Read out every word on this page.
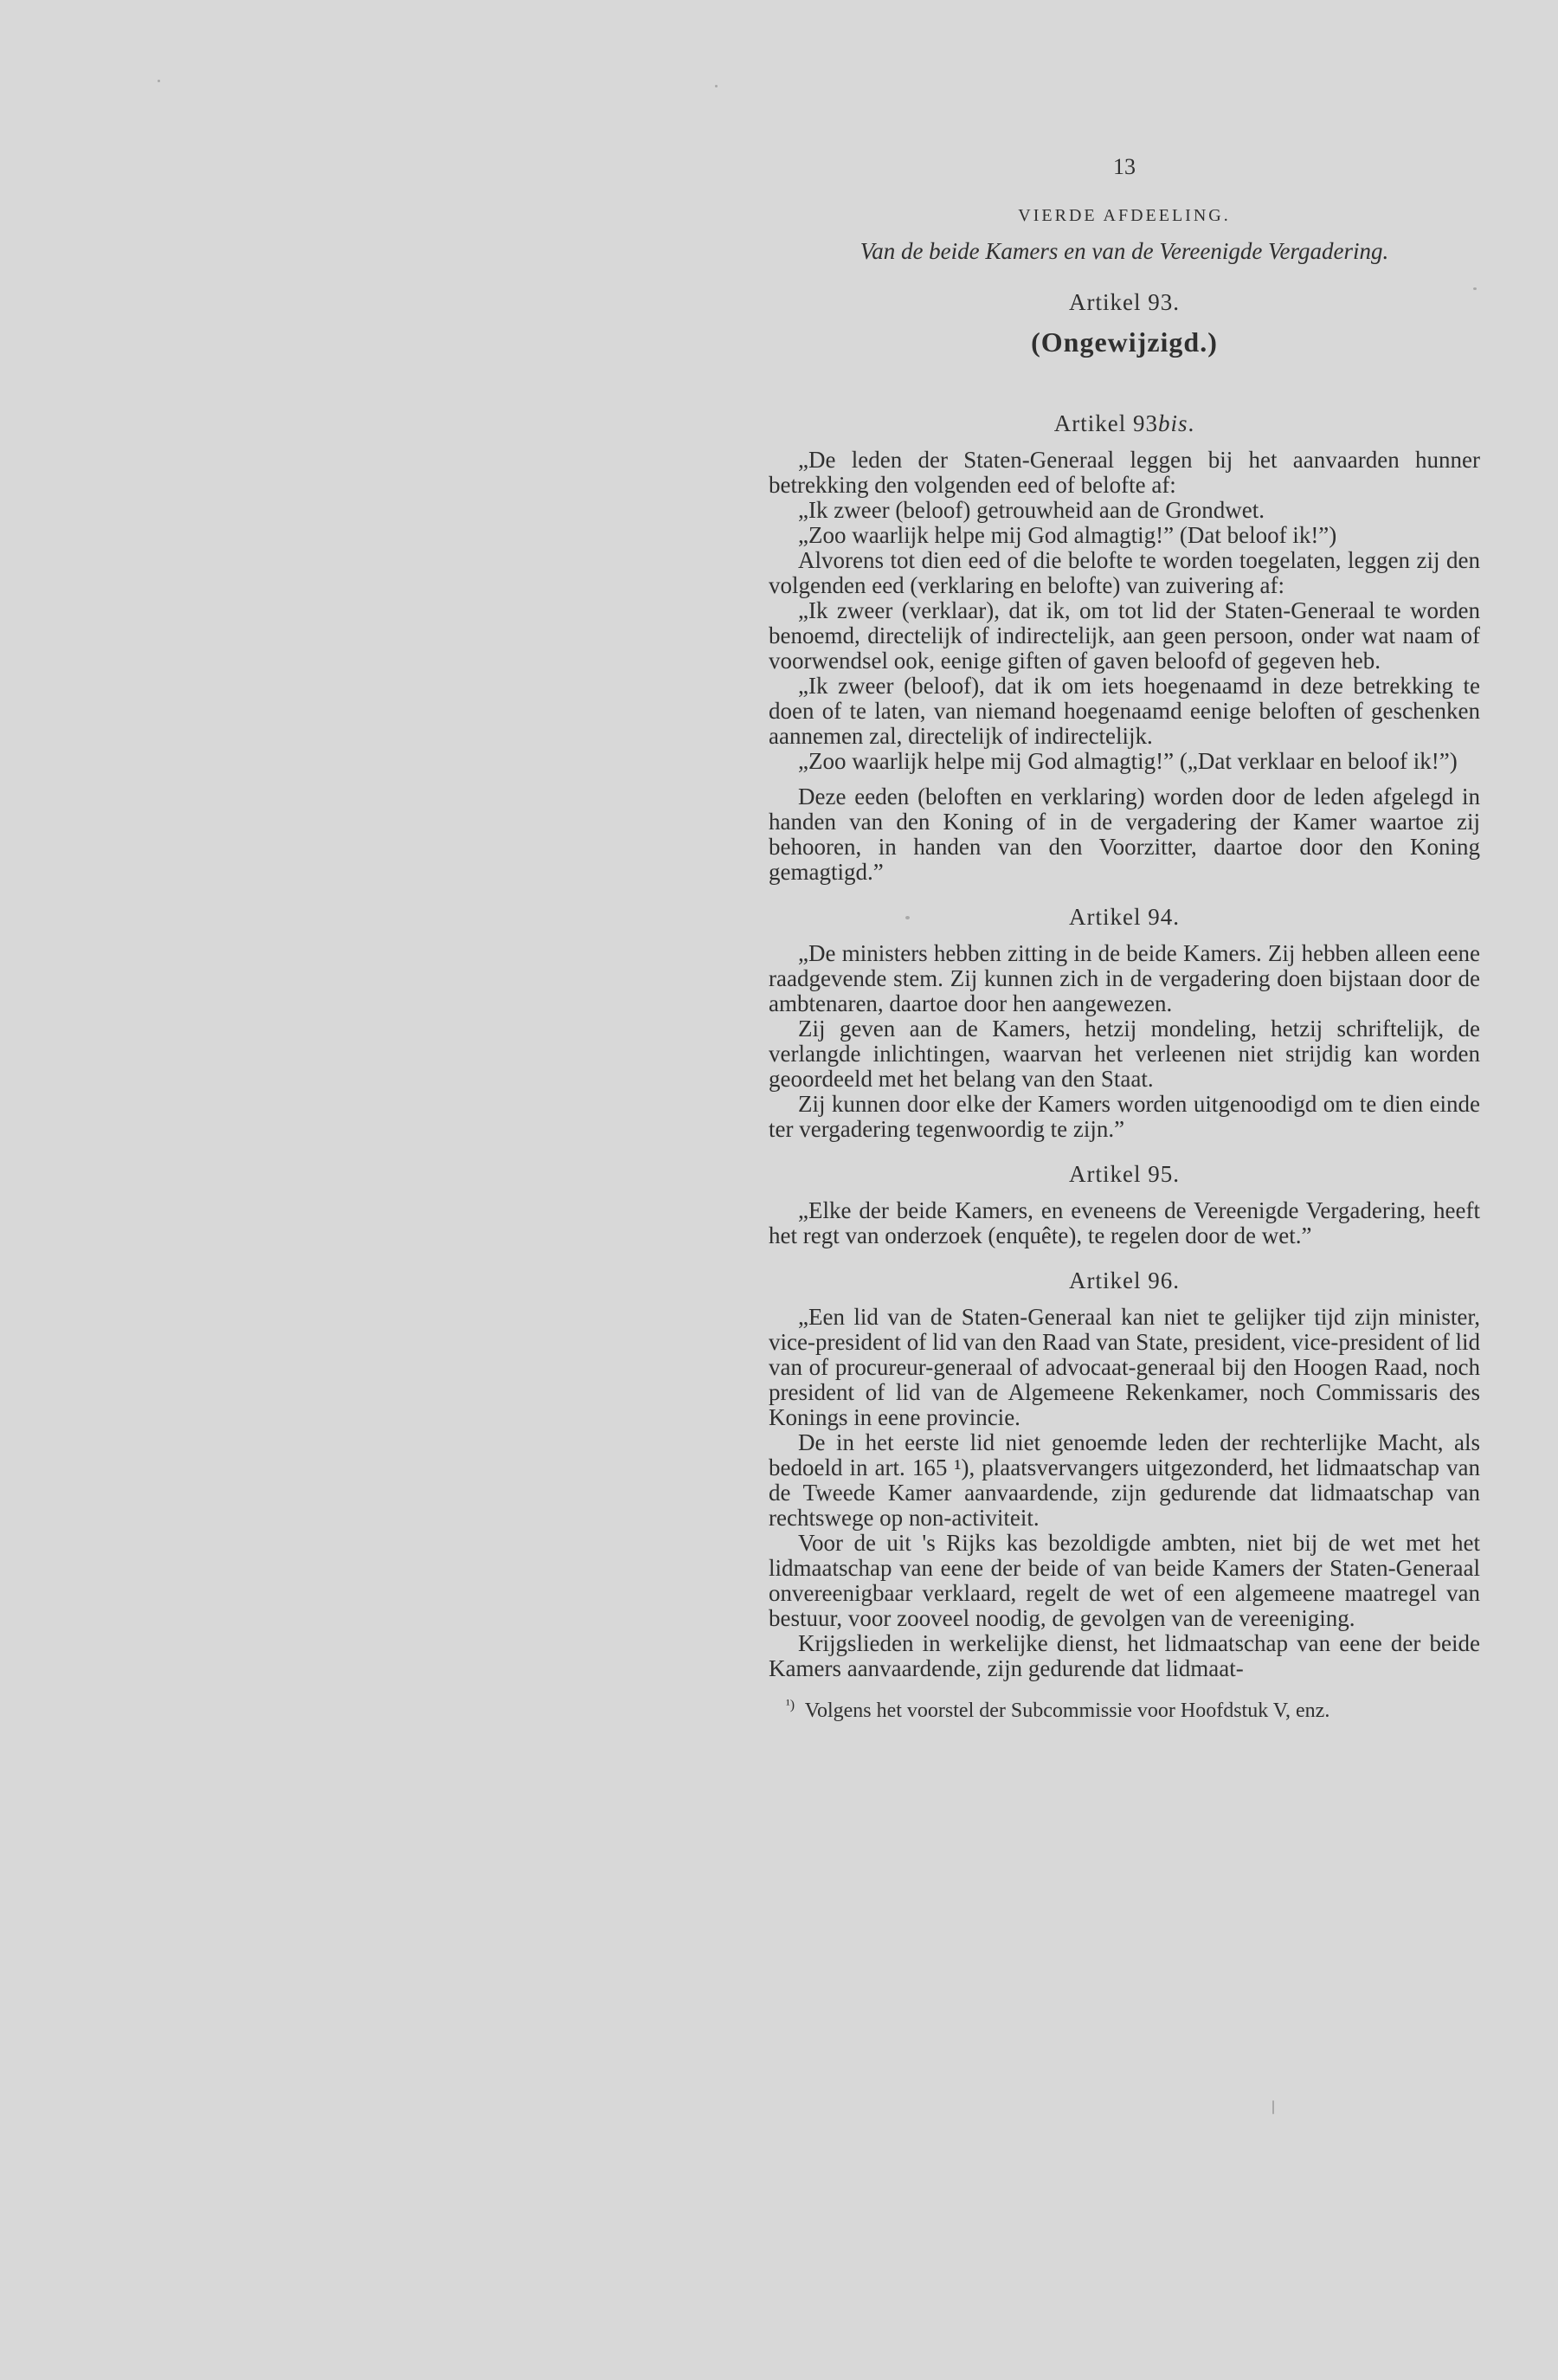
13
VIERDE AFDEELING.
Van de beide Kamers en van de Vereenigde Vergadering.
Artikel 93.
(Ongewijzigd.)
Artikel 93bis.

„De leden der Staten-Generaal leggen bij het aanvaarden hunner betrekking den volgenden eed of belofte af:

„Ik zweer (beloof) getrouwheid aan de Grondwet.

„Zoo waarlijk helpe mij God almagtig!” (Dat beloof ik!”)

Alvorens tot dien eed of die belofte te worden toegelaten, leggen zij den volgenden eed (verklaring en belofte) van zuivering af:

„Ik zweer (verklaar), dat ik, om tot lid der Staten-Generaal te worden benoemd, directelijk of indirectelijk, aan geen persoon, onder wat naam of voorwendsel ook, eenige giften of gaven beloofd of gegeven heb.

„Ik zweer (beloof), dat ik om iets hoegenaamd in deze betrekking te doen of te laten, van niemand hoegenaamd eenige beloften of geschenken aannemen zal, directelijk of indirectelijk.

„Zoo waarlijk helpe mij God almagtig!” („Dat verklaar en beloof ik!”)

Deze eeden (beloften en verklaring) worden door de leden afgelegd in handen van den Koning of in de vergadering der Kamer waartoe zij behooren, in handen van den Voorzitter, daartoe door den Koning gemagtigd.”

Artikel 94.

„De ministers hebben zitting in de beide Kamers. Zij hebben alleen eene raadgevende stem. Zij kunnen zich in de vergadering doen bijstaan door de ambtenaren, daartoe door hen aangewezen.

Zij geven aan de Kamers, hetzij mondeling, hetzij schriftelijk, de verlangde inlichtingen, waarvan het verleenen niet strijdig kan worden geoordeeld met het belang van den Staat.

Zij kunnen door elke der Kamers worden uitgenoodigd om te dien einde ter vergadering tegenwoordig te zijn.”

Artikel 95.

„Elke der beide Kamers, en eveneens de Vereenigde Vergadering, heeft het regt van onderzoek (enquête), te regelen door de wet.”

Artikel 96.

„Een lid van de Staten-Generaal kan niet te gelijker tijd zijn minister, vice-president of lid van den Raad van State, president, vice-president of lid van of procureur-generaal of advocaat-generaal bij den Hoogen Raad, noch president of lid van de Algemeene Rekenkamer, noch Commissaris des Konings in eene provincie.

De in het eerste lid niet genoemde leden der rechterlijke Macht, als bedoeld in art. 165 ¹), plaatsvervangers uitgezonderd, het lidmaatschap van de Tweede Kamer aanvaardende, zijn gedurende dat lidmaatschap van rechtswege op non-activiteit.

Voor de uit 's Rijks kas bezoldigde ambten, niet bij de wet met het lidmaatschap van eene der beide of van beide Kamers der Staten-Generaal onvereenigbaar verklaard, regelt de wet of een algemeene maatregel van bestuur, voor zooveel noodig, de gevolgen van de vereeniging.

Krijgslieden in werkelijke dienst, het lidmaatschap van eene der beide Kamers aanvaardende, zijn gedurende dat lidmaat-

$^{^1)}$ Volgens het voorstel der Subcommissie voor Hoofdstuk V, enz.
